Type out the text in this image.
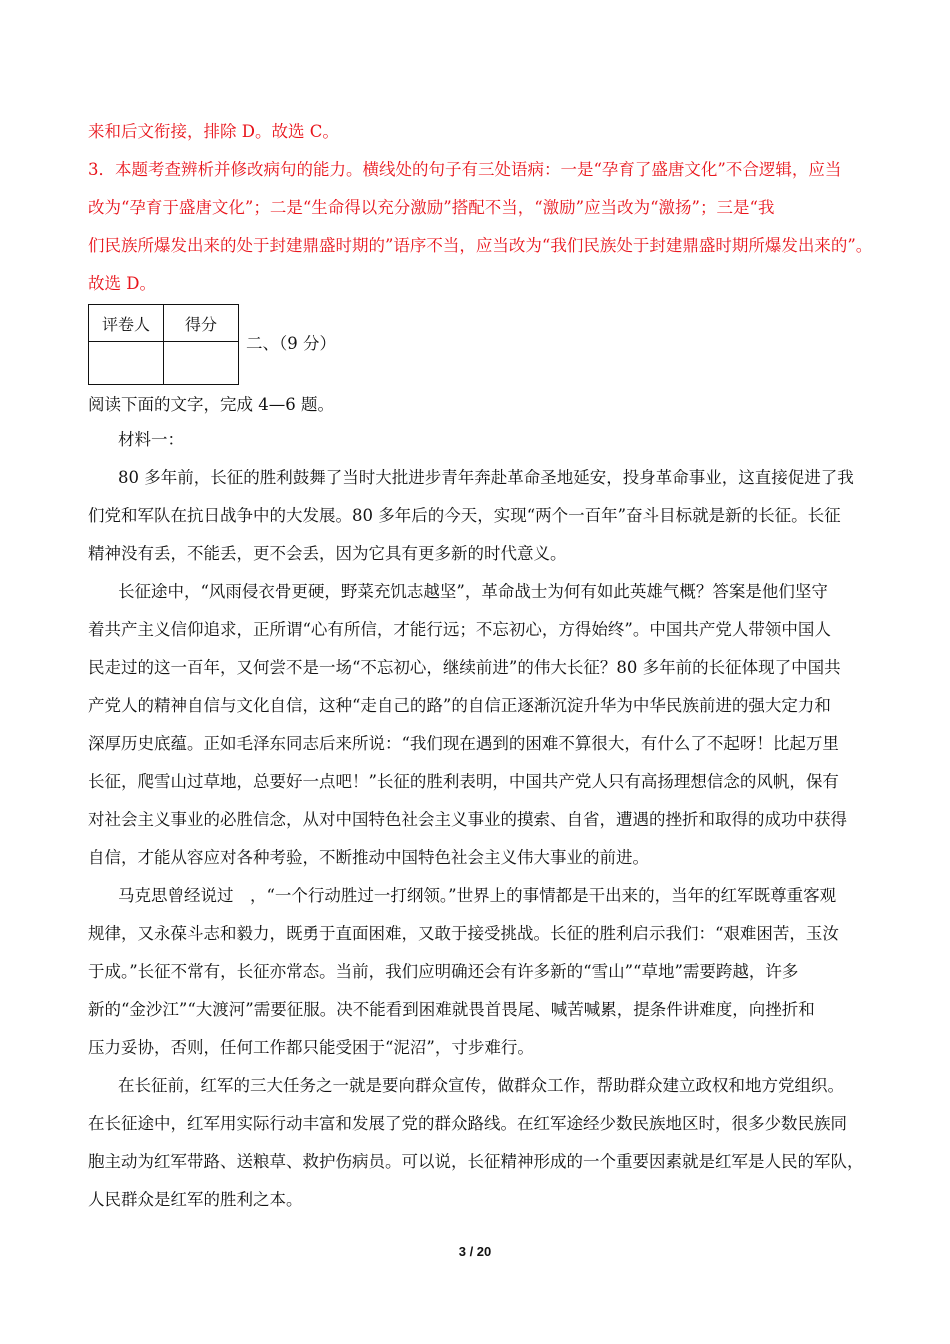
来和后文衔接，排除 D。故选 C。
3．本题考查辨析并修改病句的能力。横线处的句子有三处语病：一是“孕育了盛唐文化”不合逻辑，应当
改为“孕育于盛唐文化”；二是“生命得以充分激励”搭配不当，“激励”应当改为“激扬”；三是“我
们民族所爆发出来的处于封建鼎盛时期的”语序不当，应当改为“我们民族处于封建鼎盛时期所爆发出来的”。
故选 D。
评卷人	得分

二、（9 分）
阅读下面的文字，完成 4—6 题。
材料一：
80 多年前，长征的胜利鼓舞了当时大批进步青年奔赴革命圣地延安，投身革命事业，这直接促进了我
们党和军队在抗日战争中的大发展。80 多年后的今天，实现“两个一百年”奋斗目标就是新的长征。长征
精神没有丢，不能丢，更不会丢，因为它具有更多新的时代意义。
长征途中，“风雨侵衣骨更硬，野菜充饥志越坚”，革命战士为何有如此英雄气概？答案是他们坚守
着共产主义信仰追求，正所谓“心有所信，才能行远；不忘初心，方得始终”。中国共产党人带领中国人
民走过的这一百年，又何尝不是一场“不忘初心，继续前进”的伟大长征？80 多年前的长征体现了中国共
产党人的精神自信与文化自信，这种“走自己的路”的自信正逐渐沉淀升华为中华民族前进的强大定力和
深厚历史底蕴。正如毛泽东同志后来所说：“我们现在遇到的困难不算很大，有什么了不起呀！比起万里
长征，爬雪山过草地，总要好一点吧！”长征的胜利表明，中国共产党人只有高扬理想信念的风帆，保有
对社会主义事业的必胜信念，从对中国特色社会主义事业的摸索、自省，遭遇的挫折和取得的成功中获得
自信，才能从容应对各种考验，不断推动中国特色社会主义伟大事业的前进。
马克思曾经说过　，“一个行动胜过一打纲领。”世界上的事情都是干出来的，当年的红军既尊重客观
规律，又永葆斗志和毅力，既勇于直面困难，又敢于接受挑战。长征的胜利启示我们：“艰难困苦，玉汝
于成。”长征不常有，长征亦常态。当前，我们应明确还会有许多新的“雪山”“草地”需要跨越，许多
新的“金沙江”“大渡河”需要征服。决不能看到困难就畏首畏尾、喊苦喊累，提条件讲难度，向挫折和
压力妥协，否则，任何工作都只能受困于“泥沼”，寸步难行。
在长征前，红军的三大任务之一就是要向群众宣传，做群众工作，帮助群众建立政权和地方党组织。
在长征途中，红军用实际行动丰富和发展了党的群众路线。在红军途经少数民族地区时，很多少数民族同
胞主动为红军带路、送粮草、救护伤病员。可以说，长征精神形成的一个重要因素就是红军是人民的军队，
人民群众是红军的胜利之本。
3 / 20
